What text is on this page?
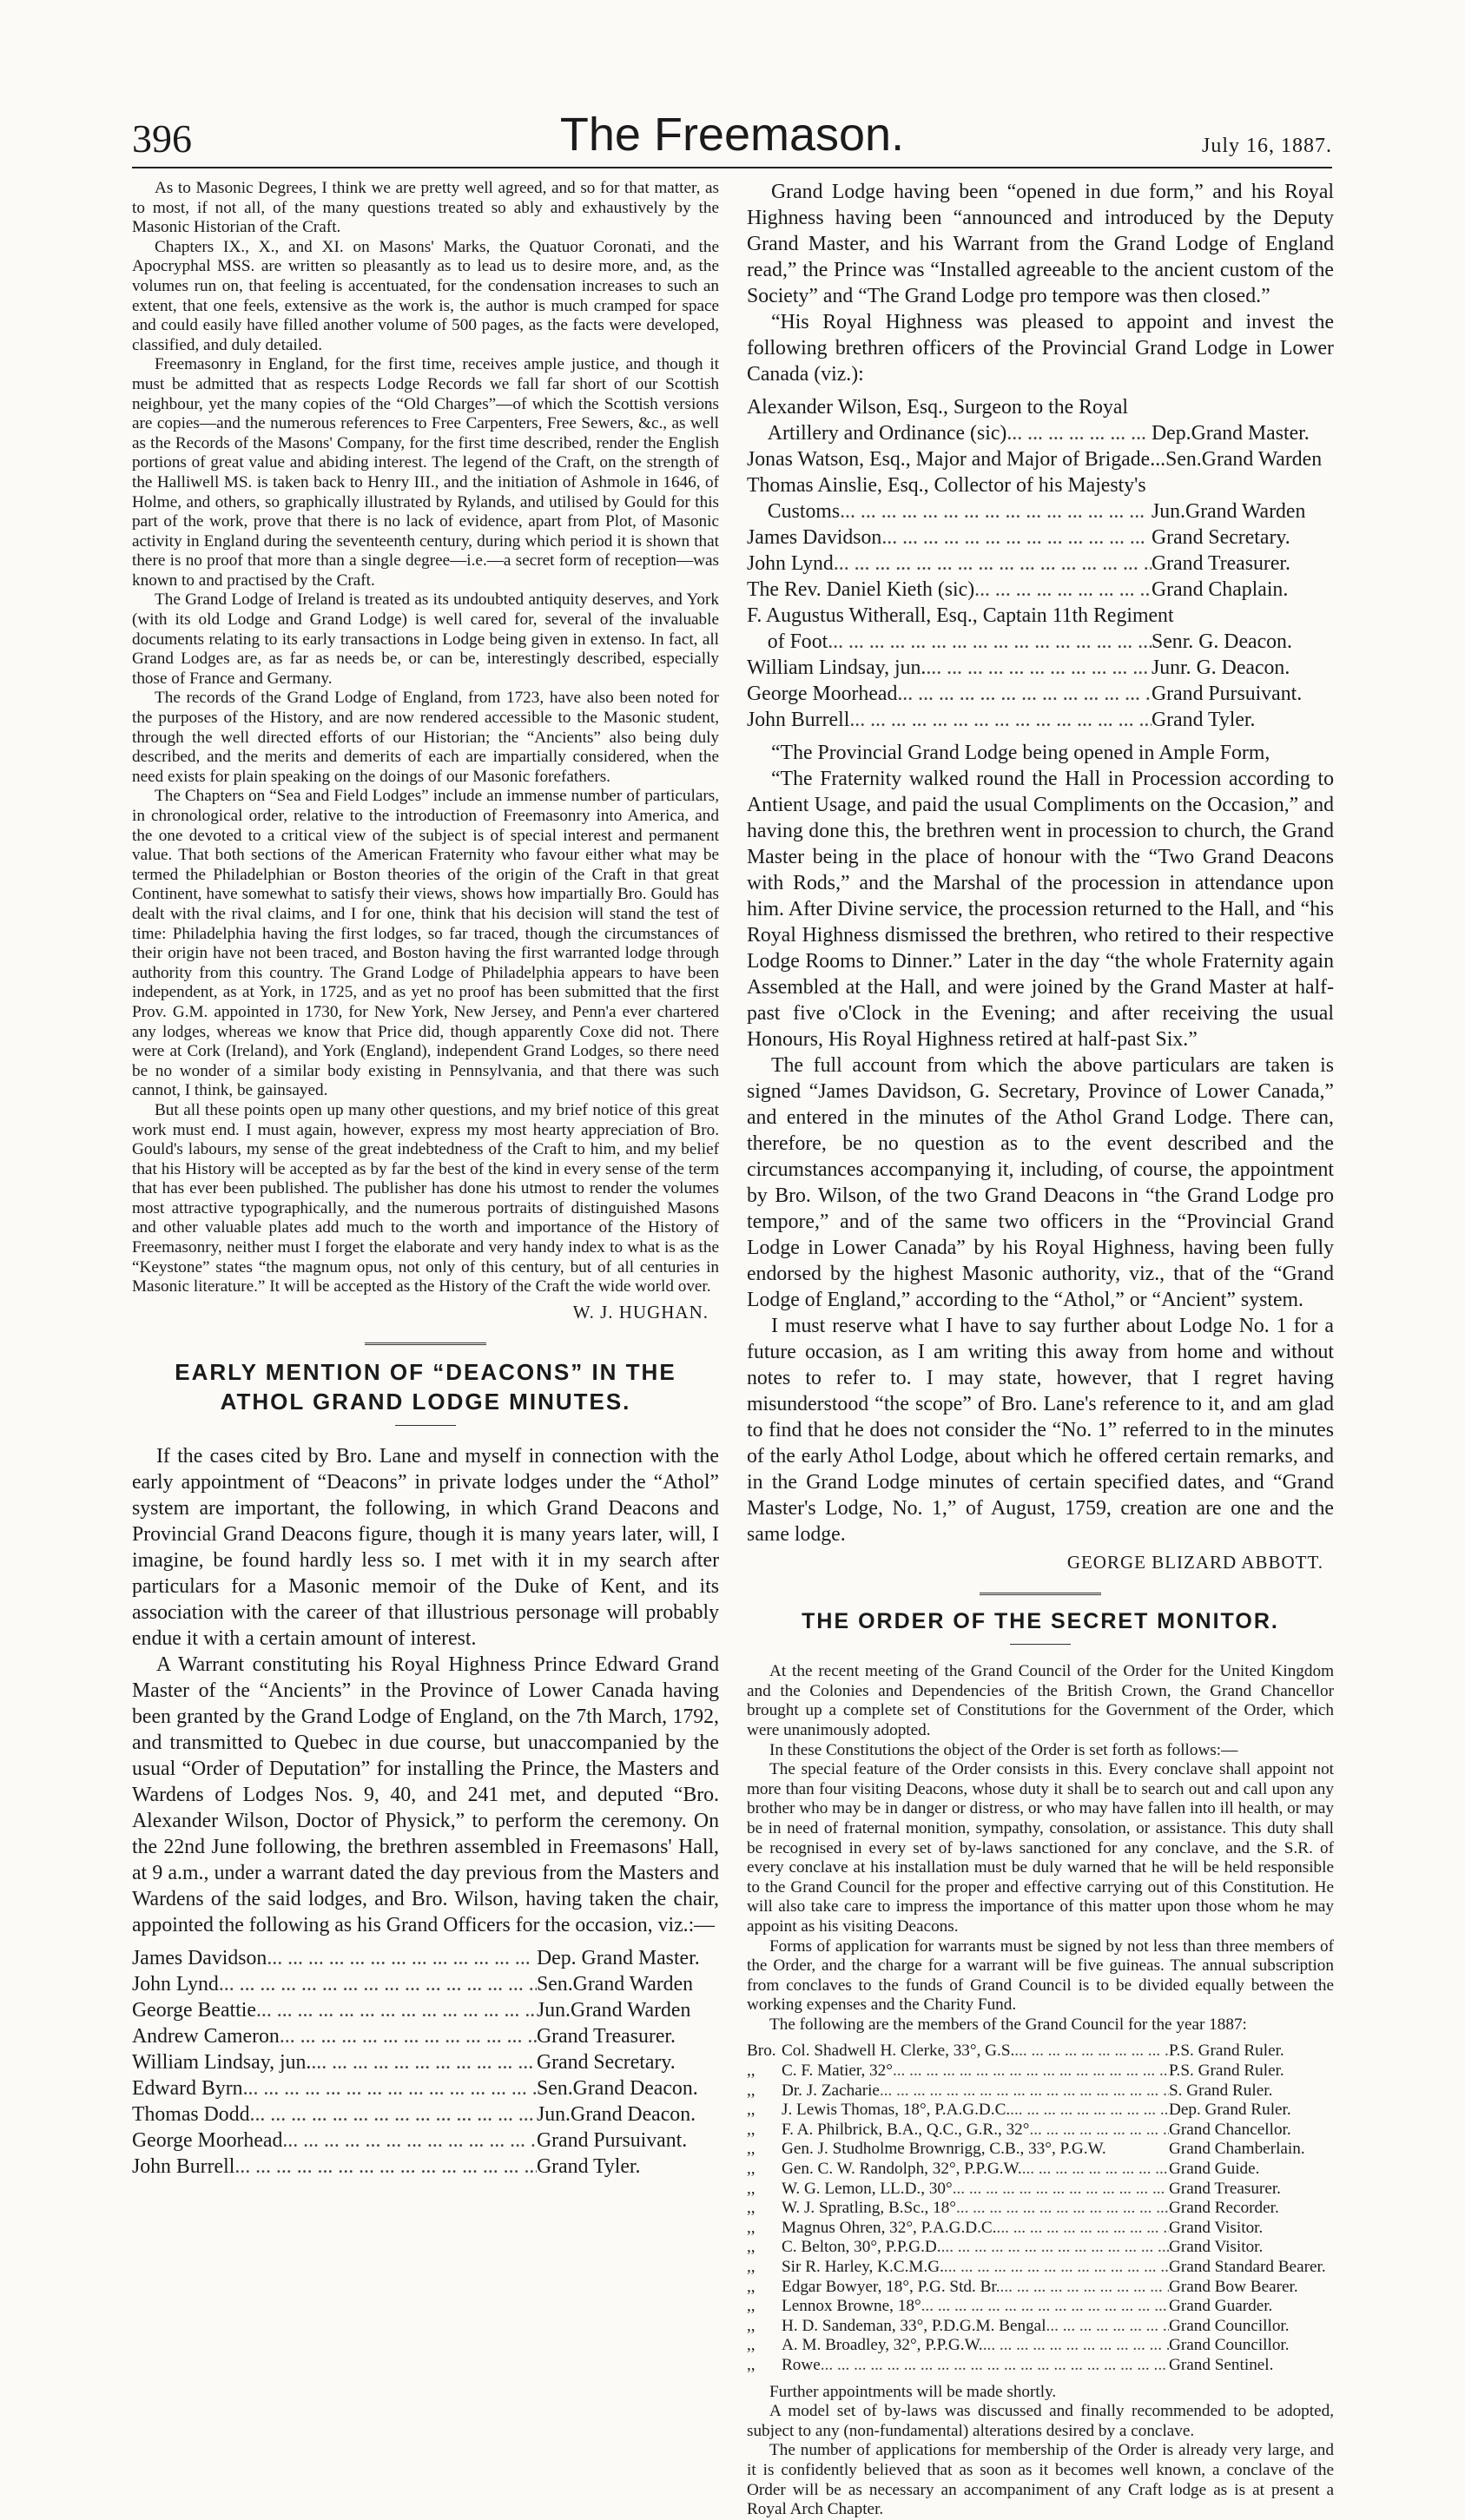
396	The Freemason.	July 16, 1887.

As to Masonic Degrees, I think we are pretty well agreed, and so for that matter, as to most, if not all, of the many questions treated so ably and exhaustively by the Masonic Historian of the Craft.

Chapters IX., X., and XI. on Masons' Marks, the Quatuor Coronati, and the Apocryphal MSS. are written so pleasantly as to lead us to desire more, and, as the volumes run on, that feeling is accentuated, for the condensation increases to such an extent, that one feels, extensive as the work is, the author is much cramped for space and could easily have filled another volume of 500 pages, as the facts were developed, classified, and duly detailed.

Freemasonry in England, for the first time, receives ample justice, and though it must be admitted that as respects Lodge Records we fall far short of our Scottish neighbour, yet the many copies of the “Old Charges”—of which the Scottish versions are copies—and the numerous references to Free Carpenters, Free Sewers, &c., as well as the Records of the Masons' Company, for the first time described, render the English portions of great value and abiding interest. The legend of the Craft, on the strength of the Halliwell MS. is taken back to Henry III., and the initiation of Ashmole in 1646, of Holme, and others, so graphically illustrated by Rylands, and utilised by Gould for this part of the work, prove that there is no lack of evidence, apart from Plot, of Masonic activity in England during the seventeenth century, during which period it is shown that there is no proof that more than a single degree—i.e.—a secret form of reception—was known to and practised by the Craft.

The Grand Lodge of Ireland is treated as its undoubted antiquity deserves, and York (with its old Lodge and Grand Lodge) is well cared for, several of the invaluable documents relating to its early transactions in Lodge being given in extenso. In fact, all Grand Lodges are, as far as needs be, or can be, interestingly described, especially those of France and Germany.

The records of the Grand Lodge of England, from 1723, have also been noted for the purposes of the History, and are now rendered accessible to the Masonic student, through the well directed efforts of our Historian; the “Ancients” also being duly described, and the merits and demerits of each are impartially considered, when the need exists for plain speaking on the doings of our Masonic forefathers.

The Chapters on “Sea and Field Lodges” include an immense number of particulars, in chronological order, relative to the introduction of Freemasonry into America, and the one devoted to a critical view of the subject is of special interest and permanent value. That both sections of the American Fraternity who favour either what may be termed the Philadelphian or Boston theories of the origin of the Craft in that great Continent, have somewhat to satisfy their views, shows how impartially Bro. Gould has dealt with the rival claims, and I for one, think that his decision will stand the test of time: Philadelphia having the first lodges, so far traced, though the circumstances of their origin have not been traced, and Boston having the first warranted lodge through authority from this country. The Grand Lodge of Philadelphia appears to have been independent, as at York, in 1725, and as yet no proof has been submitted that the first Prov. G.M. appointed in 1730, for New York, New Jersey, and Penn'a ever chartered any lodges, whereas we know that Price did, though apparently Coxe did not. There were at Cork (Ireland), and York (England), independent Grand Lodges, so there need be no wonder of a similar body existing in Pennsylvania, and that there was such cannot, I think, be gainsayed.

But all these points open up many other questions, and my brief notice of this great work must end. I must again, however, express my most hearty appreciation of Bro. Gould's labours, my sense of the great indebtedness of the Craft to him, and my belief that his History will be accepted as by far the best of the kind in every sense of the term that has ever been published. The publisher has done his utmost to render the volumes most attractive typographically, and the numerous portraits of distinguished Masons and other valuable plates add much to the worth and importance of the History of Freemasonry, neither must I forget the elaborate and very handy index to what is as the “Keystone” states “the magnum opus, not only of this century, but of all centuries in Masonic literature.” It will be accepted as the History of the Craft the wide world over.

W. J. HUGHAN.

EARLY MENTION OF “DEACONS” IN THE ATHOL GRAND LODGE MINUTES.

If the cases cited by Bro. Lane and myself in connection with the early appointment of “Deacons” in private lodges under the “Athol” system are important, the following, in which Grand Deacons and Provincial Grand Deacons figure, though it is many years later, will, I imagine, be found hardly less so. I met with it in my search after particulars for a Masonic memoir of the Duke of Kent, and its association with the career of that illustrious personage will probably endue it with a certain amount of interest.

A Warrant constituting his Royal Highness Prince Edward Grand Master of the “Ancients” in the Province of Lower Canada having been granted by the Grand Lodge of England, on the 7th March, 1792, and transmitted to Quebec in due course, but unaccompanied by the usual “Order of Deputation” for installing the Prince, the Masters and Wardens of Lodges Nos. 9, 40, and 241 met, and deputed “Bro. Alexander Wilson, Doctor of Physick,” to perform the ceremony. On the 22nd June following, the brethren assembled in Freemasons' Hall, at 9 a.m., under a warrant dated the day previous from the Masters and Wardens of the said lodges, and Bro. Wilson, having taken the chair, appointed the following as his Grand Officers for the occasion, viz.:—

James Davidson ... .	Dep. Grand Master.
John Lynd ... .	Sen.Grand Warden
George Beattie ... .	Jun.Grand Warden
Andrew Cameron ... .	Grand Treasurer.
William Lindsay, jun. ... .	Grand Secretary.
Edward Byrn ... .	Sen.Grand Deacon.
Thomas Dodd ... .	Jun.Grand Deacon.
George Moorhead ... .	Grand Pursuivant.
John Burrell ... .	Grand Tyler.

Grand Lodge having been “opened in due form,” and his Royal Highness having been “announced and introduced by the Deputy Grand Master, and his Warrant from the Grand Lodge of England read,” the Prince was “Installed agreeable to the ancient custom of the Society” and “The Grand Lodge pro tempore was then closed.”

“His Royal Highness was pleased to appoint and invest the following brethren officers of the Provincial Grand Lodge in Lower Canada (viz.):

Alexander Wilson, Esq., Surgeon to the Royal
 Artillery and Ordinance (sic) ... .	Dep.Grand Master.
Jonas Watson, Esq., Major and Major of Brigade... Sen.Grand Warden
Thomas Ainslie, Esq., Collector of his Majesty's
 Customs ... .	Jun.Grand Warden
James Davidson ... .	Grand Secretary.
John Lynd ... .	Grand Treasurer.
The Rev. Daniel Kieth (sic) ... .	Grand Chaplain.
F. Augustus Witherall, Esq., Captain 11th Regiment
 of Foot ... .	Senr. G. Deacon.
William Lindsay, jun. ... .	Junr. G. Deacon.
George Moorhead ... .	Grand Pursuivant.
John Burrell ... .	Grand Tyler.

“The Provincial Grand Lodge being opened in Ample Form,

“The Fraternity walked round the Hall in Procession according to Antient Usage, and paid the usual Compliments on the Occasion,” and having done this, the brethren went in procession to church, the Grand Master being in the place of honour with the “Two Grand Deacons with Rods,” and the Marshal of the procession in attendance upon him. After Divine service, the procession returned to the Hall, and “his Royal Highness dismissed the brethren, who retired to their respective Lodge Rooms to Dinner.” Later in the day “the whole Fraternity again Assembled at the Hall, and were joined by the Grand Master at half-past five o'Clock in the Evening; and after receiving the usual Honours, His Royal Highness retired at half-past Six.”

The full account from which the above particulars are taken is signed “James Davidson, G. Secretary, Province of Lower Canada,” and entered in the minutes of the Athol Grand Lodge. There can, therefore, be no question as to the event described and the circumstances accompanying it, including, of course, the appointment by Bro. Wilson, of the two Grand Deacons in “the Grand Lodge pro tempore,” and of the same two officers in the “Provincial Grand Lodge in Lower Canada” by his Royal Highness, having been fully endorsed by the highest Masonic authority, viz., that of the “Grand Lodge of England,” according to the “Athol,” or “Ancient” system.

I must reserve what I have to say further about Lodge No. 1 for a future occasion, as I am writing this away from home and without notes to refer to. I may state, however, that I regret having misunderstood “the scope” of Bro. Lane's reference to it, and am glad to find that he does not consider the “No. 1” referred to in the minutes of the early Athol Lodge, about which he offered certain remarks, and in the Grand Lodge minutes of certain specified dates, and “Grand Master's Lodge, No. 1,” of August, 1759, creation are one and the same lodge.

GEORGE BLIZARD ABBOTT.

THE ORDER OF THE SECRET MONITOR.

At the recent meeting of the Grand Council of the Order for the United Kingdom and the Colonies and Dependencies of the British Crown, the Grand Chancellor brought up a complete set of Constitutions for the Government of the Order, which were unanimously adopted.

In these Constitutions the object of the Order is set forth as follows:—

The special feature of the Order consists in this. Every conclave shall appoint not more than four visiting Deacons, whose duty it shall be to search out and call upon any brother who may be in danger or distress, or who may have fallen into ill health, or may be in need of fraternal monition, sympathy, consolation, or assistance. This duty shall be recognised in every set of by-laws sanctioned for any conclave, and the S.R. of every conclave at his installation must be duly warned that he will be held responsible to the Grand Council for the proper and effective carrying out of this Constitution. He will also take care to impress the importance of this matter upon those whom he may appoint as his visiting Deacons.

Forms of application for warrants must be signed by not less than three members of the Order, and the charge for a warrant will be five guineas. The annual subscription from conclaves to the funds of Grand Council is to be divided equally between the working expenses and the Charity Fund.

The following are the members of the Grand Council for the year 1887:

Bro. Col. Shadwell H. Clerke, 33°, G.S. ... .	P.S. Grand Ruler.
,,	C. F. Matier, 32° ... .	P.S. Grand Ruler.
,,	Dr. J. Zacharie ... .	S. Grand Ruler.
,,	J. Lewis Thomas, 18°, P.A.G.D.C. ... .	Dep. Grand Ruler.
,,	F. A. Philbrick, B.A., Q.C., G.R., 32° ... .	Grand Chancellor.
,,	Gen. J. Studholme Brownrigg, C.B., 33°, P.G.W.	Grand Chamberlain.
,,	Gen. C. W. Randolph, 32°, P.P.G.W. ... .	Grand Guide.
,,	W. G. Lemon, LL.D., 30° ... .	Grand Treasurer.
,,	W. J. Spratling, B.Sc., 18° ... .	Grand Recorder.
,,	Magnus Ohren, 32°, P.A.G.D.C. ... .	Grand Visitor.
,,	C. Belton, 30°, P.P.G.D. ... .	Grand Visitor.
,,	Sir R. Harley, K.C.M.G. ... .	Grand Standard Bearer.
,,	Edgar Bowyer, 18°, P.G. Std. Br. ... .	Grand Bow Bearer.
,,	Lennox Browne, 18° ... .	Grand Guarder.
,,	H. D. Sandeman, 33°, P.D.G.M. Bengal ... .	Grand Councillor.
,,	A. M. Broadley, 32°, P.P.G.W. ... .	Grand Councillor.
,,	Rowe ... .	Grand Sentinel.

Further appointments will be made shortly.

A model set of by-laws was discussed and finally recommended to be adopted, subject to any (non-fundamental) alterations desired by a conclave.

The number of applications for membership of the Order is already very large, and it is confidently believed that as soon as it becomes well known, a conclave of the Order will be as necessary an accompaniment of any Craft lodge as is at present a Royal Arch Chapter.
